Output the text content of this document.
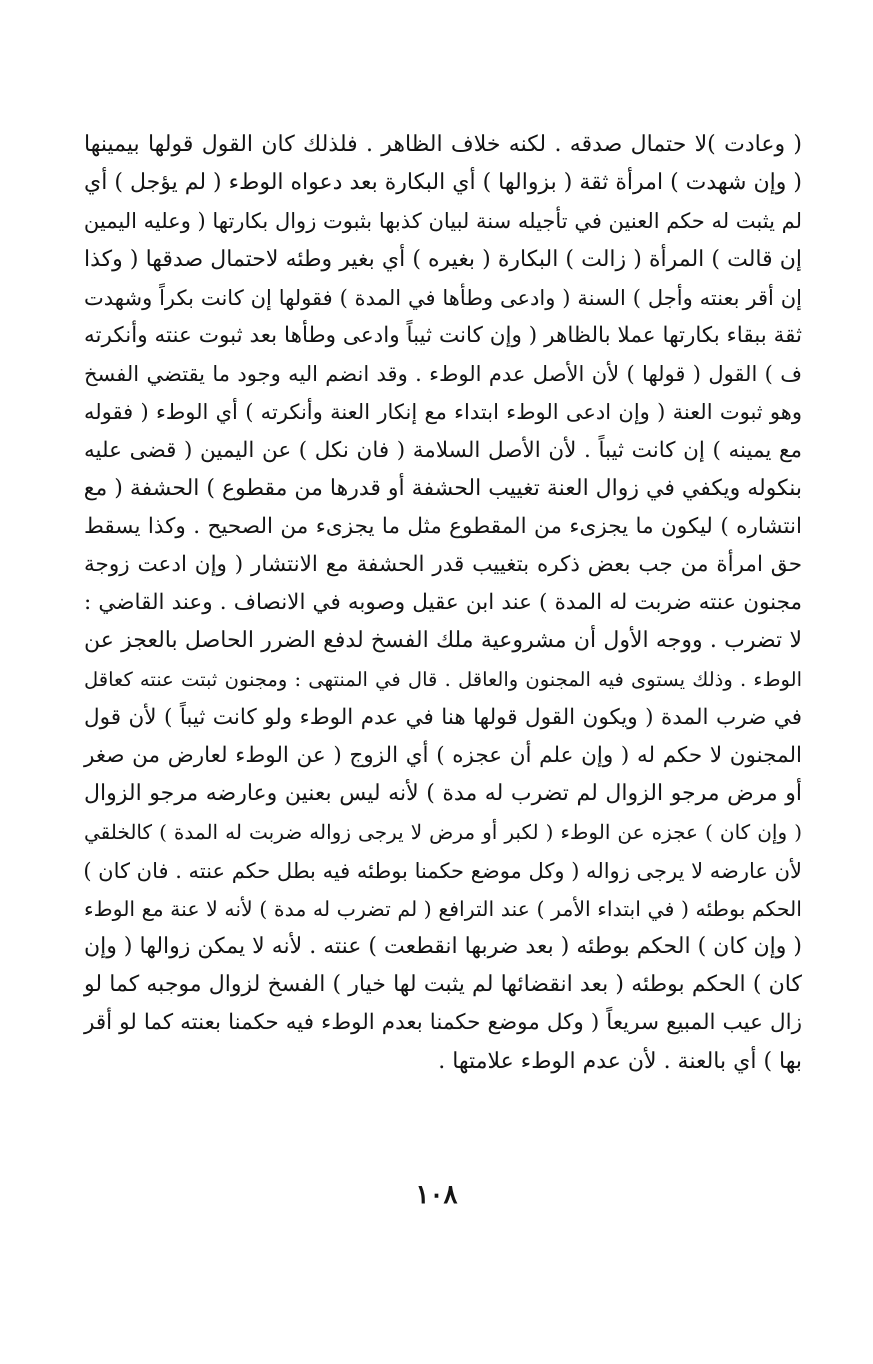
( وعادت )لا حتمال صدقه . لكنه خلاف الظاهر . فلذلك كان القول قولها بيمينها
( وإن شهدت ) امرأة ثقة ( بزوالها ) أي البكارة بعد دعواه الوطء ( لم يؤجل ) أي
لم يثبت له حكم العنين في تأجيله سنة لبيان كذبها بثبوت زوال بكارتها ( وعليه اليمين
إن قالت ) المرأة ( زالت ) البكارة ( بغيره ) أي بغير وطئه لاحتمال صدقها ( وكذا
إن أقر بعنته وأجل ) السنة ( وادعى وطأها في المدة ) فقولها إن كانت بكراً وشهدت
ثقة ببقاء بكارتها عملا بالظاهر ( وإن كانت ثيباً وادعى وطأها بعد ثبوت عنته وأنكرته
ف ) القول ( قولها ) لأن الأصل عدم الوطء . وقد انضم اليه وجود ما يقتضي الفسخ
وهو ثبوت العنة ( وإن ادعى الوطء ابتداء مع إنكار العنة وأنكرته ) أي الوطء ( فقوله
مع يمينه ) إن كانت ثيباً . لأن الأصل السلامة ( فان نكل ) عن اليمين ( قضى عليه
بنكوله ويكفي في زوال العنة تغييب الحشفة أو قدرها من مقطوع ) الحشفة ( مع
انتشاره ) ليكون ما يجزىء من المقطوع مثل ما يجزىء من الصحيح . وكذا يسقط
حق امرأة من جب بعض ذكره بتغييب قدر الحشفة مع الانتشار ( وإن ادعت زوجة
مجنون عنته ضربت له المدة ) عند ابن عقيل وصوبه في الانصاف . وعند القاضي :
لا تضرب . ووجه الأول أن مشروعية ملك الفسخ لدفع الضرر الحاصل بالعجز عن
الوطء . وذلك يستوى فيه المجنون والعاقل . قال في المنتهى : ومجنون ثبتت عنته كعاقل
في ضرب المدة ( ويكون القول قولها هنا في عدم الوطء ولو كانت ثيباً ) لأن قول
المجنون لا حكم له ( وإن علم أن عجزه ) أي الزوج ( عن الوطء لعارض من صغر
أو مرض مرجو الزوال لم تضرب له مدة ) لأنه ليس بعنين وعارضه مرجو الزوال
( وإن كان ) عجزه عن الوطء ( لكبر أو مرض لا يرجى زواله ضربت له المدة ) كالخلقي
لأن عارضه لا يرجى زواله ( وكل موضع حكمنا بوطئه فيه بطل حكم عنته . فان كان )
الحكم بوطئه ( في ابتداء الأمر ) عند الترافع ( لم تضرب له مدة ) لأنه لا عنة مع الوطء
( وإن كان ) الحكم بوطئه ( بعد ضربها انقطعت ) عنته . لأنه لا يمكن زوالها ( وإن
كان ) الحكم بوطئه ( بعد انقضائها لم يثبت لها خيار ) الفسخ لزوال موجبه كما لو
زال عيب المبيع سريعاً ( وكل موضع حكمنا بعدم الوطء فيه حكمنا بعنته كما لو أقر
بها ) أي بالعنة . لأن عدم الوطء علامتها .
١٠٨
